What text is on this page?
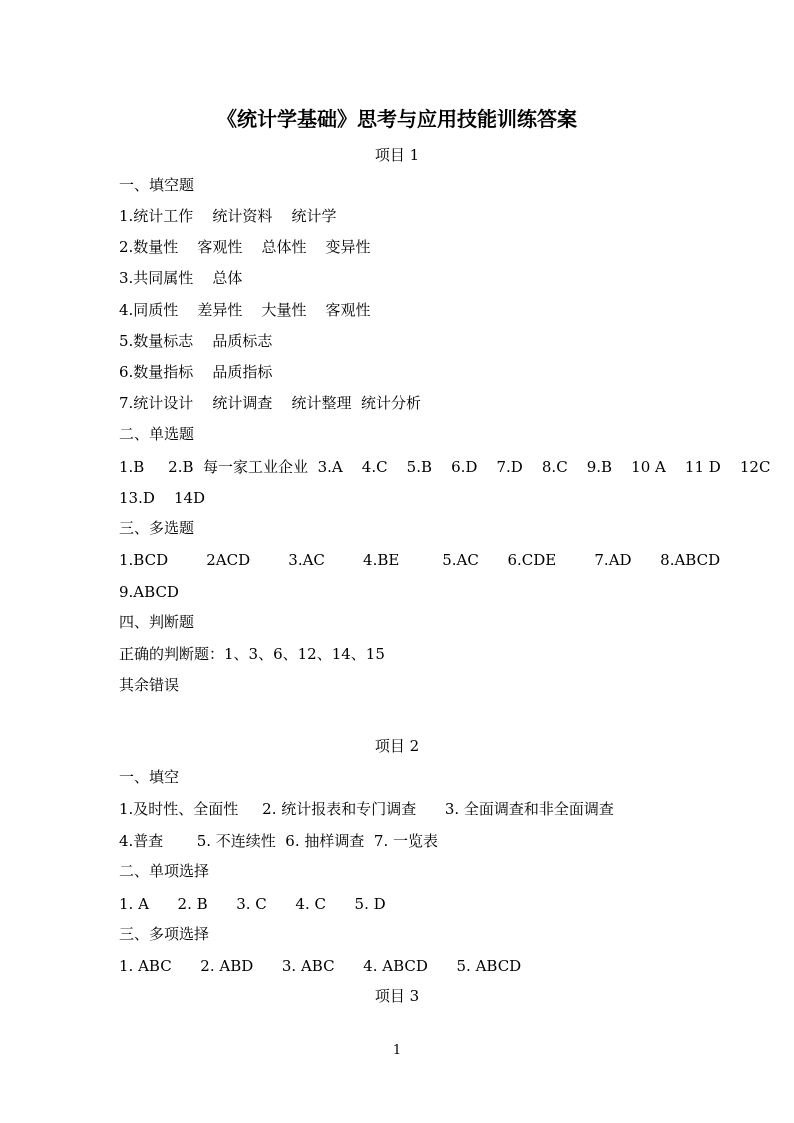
《统计学基础》思考与应用技能训练答案
项目 1
一、填空题
1.统计工作    统计资料    统计学
2.数量性    客观性    总体性    变异性
3.共同属性    总体
4.同质性    差异性    大量性    客观性
5.数量标志    品质标志
6.数量指标    品质指标
7.统计设计    统计调查    统计整理  统计分析
二、单选题
1.B     2.B  每一家工业企业  3.A    4.C    5.B    6.D    7.D    8.C    9.B    10 A    11 D    12C
13.D    14D
三、多选题
1.BCD        2ACD        3.AC        4.BE         5.AC      6.CDE        7.AD      8.ABCD
9.ABCD
四、判断题
正确的判断题：1、3、6、12、14、15
其余错误
项目 2
一、填空
1.及时性、全面性     2. 统计报表和专门调查      3. 全面调查和非全面调查
4.普查       5. 不连续性  6. 抽样调查  7. 一览表
二、单项选择
1. A      2. B      3. C      4. C      5. D
三、多项选择
1. ABC      2. ABD      3. ABC      4. ABCD      5. ABCD
项目 3
1
